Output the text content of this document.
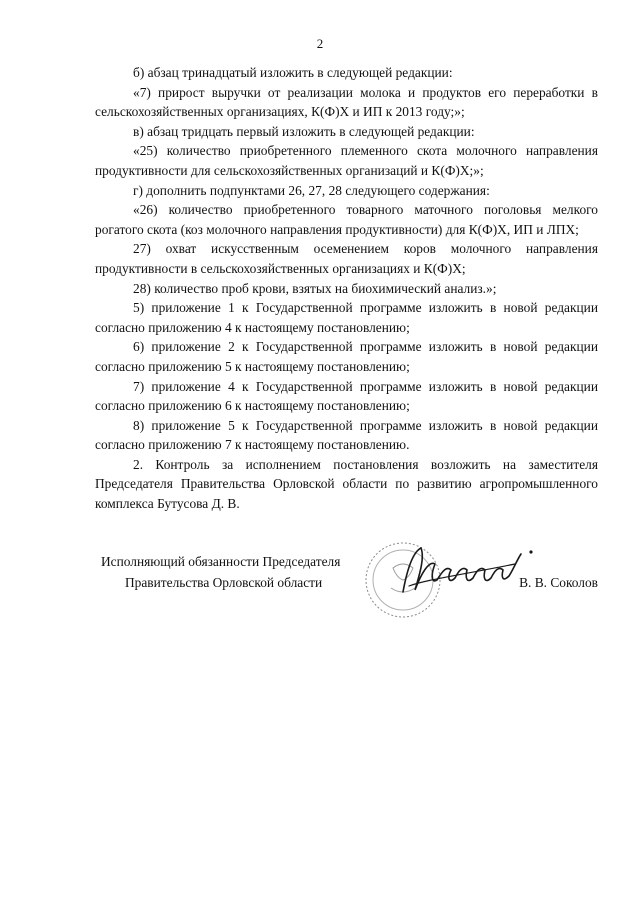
2

б) абзац тринадцатый изложить в следующей редакции:

«7) прирост выручки от реализации молока и продуктов его переработки в сельскохозяйственных организациях, К(Ф)Х и ИП к 2013 году;»;

в) абзац тридцать первый изложить в следующей редакции:

«25) количество приобретенного племенного скота молочного направления продуктивности для сельскохозяйственных организаций и К(Ф)Х;»;

г) дополнить подпунктами 26, 27, 28 следующего содержания:

«26) количество приобретенного товарного маточного поголовья мелкого рогатого скота (коз молочного направления продуктивности) для К(Ф)Х, ИП и ЛПХ;

27) охват искусственным осеменением коров молочного направления продуктивности в сельскохозяйственных организациях и К(Ф)Х;

28) количество проб крови, взятых на биохимический анализ.»;

5) приложение 1 к Государственной программе изложить в новой редакции согласно приложению 4 к настоящему постановлению;

6) приложение 2 к Государственной программе изложить в новой редакции согласно приложению 5 к настоящему постановлению;

7) приложение 4 к Государственной программе изложить в новой редакции согласно приложению 6 к настоящему постановлению;

8) приложение 5 к Государственной программе изложить в новой редакции согласно приложению 7 к настоящему постановлению.

2. Контроль за исполнением постановления возложить на заместителя Председателя Правительства Орловской области по развитию агропромышленного комплекса Бутусова Д. В.

Исполняющий обязанности Председателя
Правительства Орловской области	В. В. Соколов
